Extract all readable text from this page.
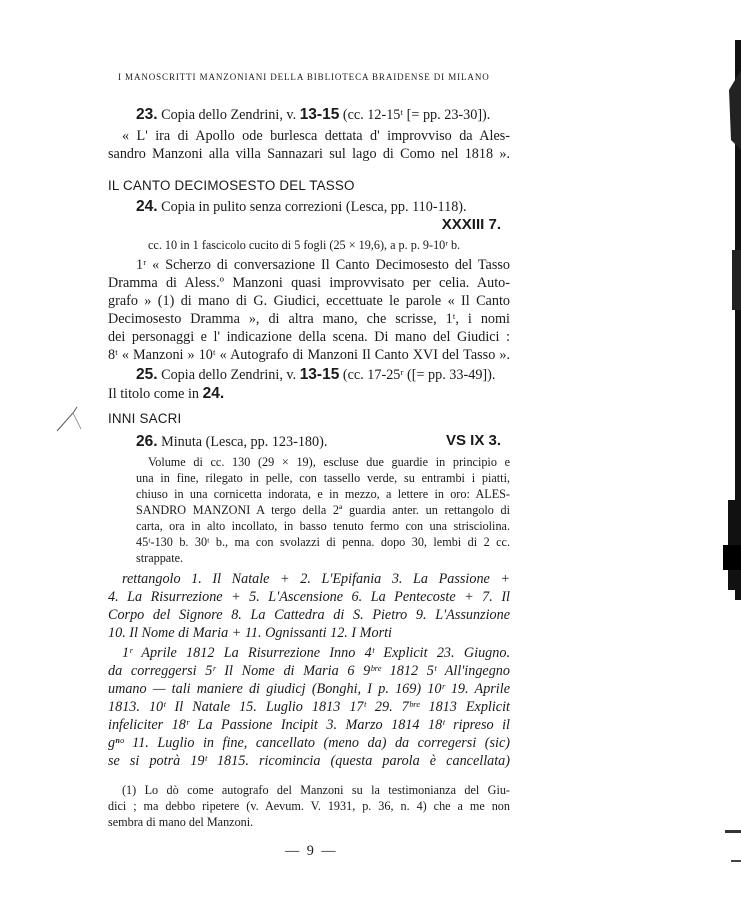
I MANOSCRITTI MANZONIANI DELLA BIBLIOTECA BRAIDENSE DI MILANO
23. Copia dello Zendrini, v. 13-15 (cc. 12-15ᵗ [= pp. 23-30]).
« L' ira di Apollo ode burlesca dettata d' improvviso da Ales-
sandro Manzoni alla villa Sannazari sul lago di Como nel 1818 ».
IL CANTO DECIMOSESTO DEL TASSO
24. Copia in pulito senza correzioni (Lesca, pp. 110-118).
XXXIII 7.
cc. 10 in 1 fascicolo cucito di 5 fogli (25 × 19,6), a p. p. 9-10ʳ b.
1ʳ « Scherzo di conversazione Il Canto Decimosesto del Tasso
Dramma di Aless.º Manzoni quasi improvvisato per celia. Auto-
grafo » (1) di mano di G. Giudici, eccettuate le parole « Il Canto
Decimosesto Dramma », di altra mano, che scrisse, 1ᵗ, i nomi
dei personaggi e l' indicazione della scena. Di mano del Giudici :
8ᵗ « Manzoni » 10ᵗ « Autografo di Manzoni Il Canto XVI del Tasso ».
25. Copia dello Zendrini, v. 13-15 (cc. 17-25ʳ ([= pp. 33-49]).
Il titolo come in 24.
INNI SACRI
26. Minuta (Lesca, pp. 123-180).	VS IX 3.
Volume di cc. 130 (29 × 19), escluse due guardie in principio e
una in fine, rilegato in pelle, con tassello verde, su entrambi i piatti,
chiuso in una cornicetta indorata, e in mezzo, a lettere in oro: ALES-
SANDRO MANZONI A tergo della 2ª guardia anter. un rettangolo di
carta, ora in alto incollato, in basso tenuto fermo con una strisciolina.
45ᵗ-130 b. 30ᵗ b., ma con svolazzi di penna. dopo 30, lembi di 2 cc.
strappate.
rettangolo 1. Il Natale + 2. L'Epifania 3. La Passione +
4. La Risurrezione + 5. L'Ascensione 6. La Pentecoste + 7. Il
Corpo del Signore 8. La Cattedra di S. Pietro 9. L'Assunzione
10. Il Nome di Maria + 11. Ognissanti 12. I Morti
1ʳ Aprile 1812 La Risurrezione Inno 4ᵗ Explicit 23. Giugno.
da correggersi 5ʳ Il Nome di Maria 6 9ᵇʳᵉ 1812 5ᵗ All'ingegno
umano — tali maniere di giudicj (Bonghi, I p. 169) 10ʳ 19. Aprile
1813. 10ᵗ Il Natale 15. Luglio 1813 17ᵗ 29. 7ᵇʳᵉ 1813 Explicit
infeliciter 18ʳ La Passione Incipit 3. Marzo 1814 18ᵗ ripreso il
gⁿᵒ 11. Luglio in fine, cancellato (meno da) da corregersi (sic)
se si potrà 19ᵗ 1815. ricomincia (questa parola è cancellata)
(1) Lo dò come autografo del Manzoni su la testimonianza del Giu-
dici ; ma debbo ripetere (v. Aevum. V. 1931, p. 36, n. 4) che a me non
sembra di mano del Manzoni.
— 9 —
